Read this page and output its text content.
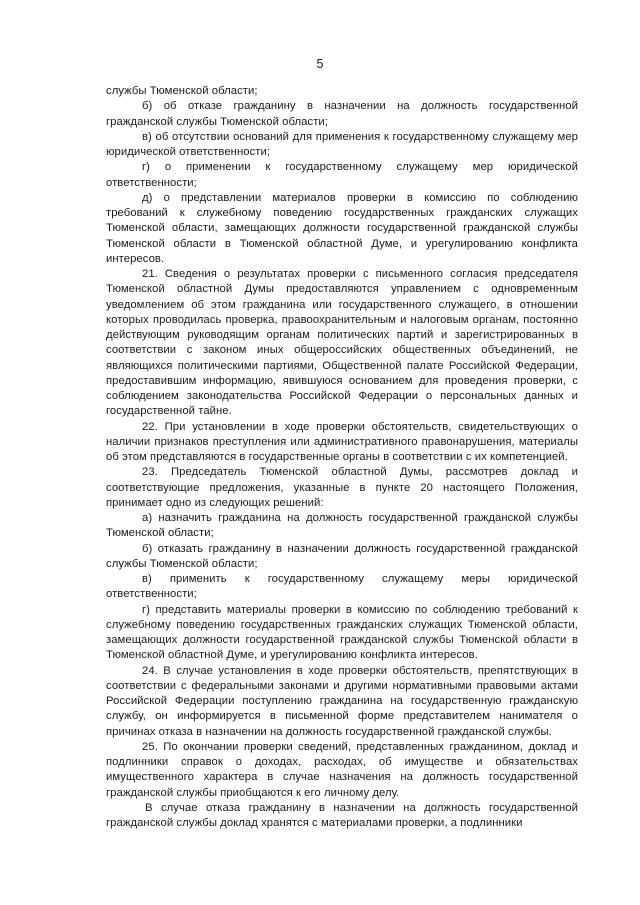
5

службы Тюменской области;

б) об отказе гражданину в назначении на должность государственной гражданской службы Тюменской области;

в) об отсутствии оснований для применения к государственному служащему мер юридической ответственности;

г) о применении к государственному служащему мер юридической ответственности;

д) о представлении материалов проверки в комиссию по соблюдению требований к служебному поведению государственных гражданских служащих Тюменской области, замещающих должности государственной гражданской службы Тюменской области в Тюменской областной Думе, и урегулированию конфликта интересов.

21. Сведения о результатах проверки с письменного согласия председателя Тюменской областной Думы предоставляются управлением с одновременным уведомлением об этом гражданина или государственного служащего, в отношении которых проводилась проверка, правоохранительным и налоговым органам, постоянно действующим руководящим органам политических партий и зарегистрированных в соответствии с законом иных общероссийских общественных объединений, не являющихся политическими партиями, Общественной палате Российской Федерации, предоставившим информацию, явившуюся основанием для проведения проверки, с соблюдением законодательства Российской Федерации о персональных данных и государственной тайне.

22. При установлении в ходе проверки обстоятельств, свидетельствующих о наличии признаков преступления или административного правонарушения, материалы об этом представляются в государственные органы в соответствии с их компетенцией.

23. Председатель Тюменской областной Думы, рассмотрев доклад и соответствующие предложения, указанные в пункте 20 настоящего Положения, принимает одно из следующих решений:

а) назначить гражданина на должность государственной гражданской службы Тюменской области;

б) отказать гражданину в назначении должность государственной гражданской службы Тюменской области;

в) применить к государственному служащему меры юридической ответственности;

г) представить материалы проверки в комиссию по соблюдению требований к служебному поведению государственных гражданских служащих Тюменской области, замещающих должности государственной гражданской службы Тюменской области в Тюменской областной Думе, и урегулированию конфликта интересов.

24. В случае установления в ходе проверки обстоятельств, препятствующих в соответствии с федеральными законами и другими нормативными правовыми актами Российской Федерации поступлению гражданина на государственную гражданскую службу, он информируется в письменной форме представителем нанимателя о причинах отказа в назначении на должность государственной гражданской службы.

25. По окончании проверки сведений, представленных гражданином, доклад и подлинники справок о доходах, расходах, об имуществе и обязательствах имущественного характера в случае назначения на должность государственной гражданской службы приобщаются к его личному делу.

В случае отказа гражданину в назначении на должность государственной гражданской службы доклад хранятся с материалами проверки, а подлинники
